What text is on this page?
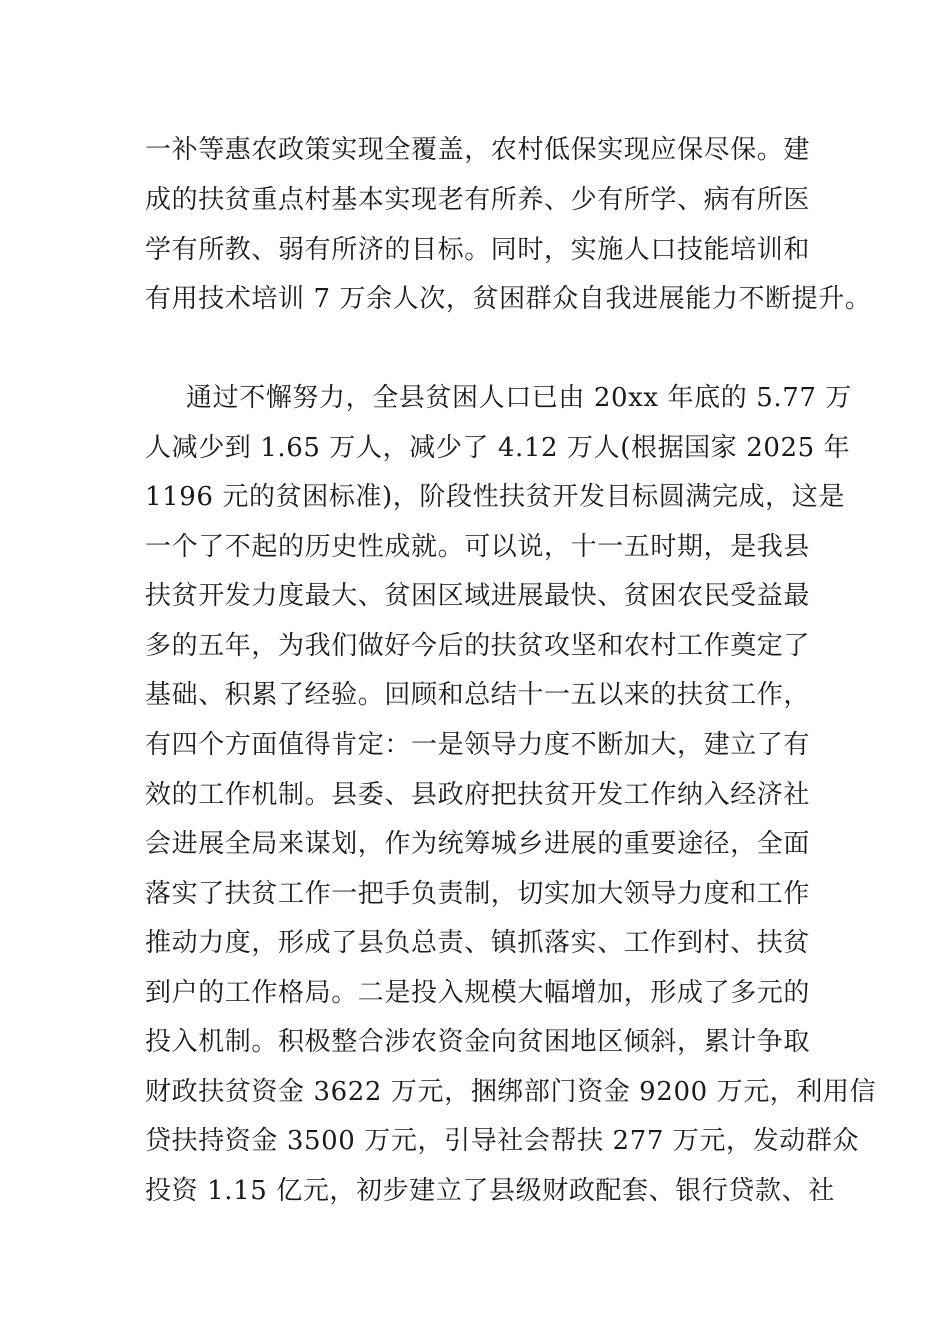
一补等惠农政策实现全覆盖，农村低保实现应保尽保。建
成的扶贫重点村基本实现老有所养、少有所学、病有所医
学有所教、弱有所济的目标。同时，实施人口技能培训和
有用技术培训 7 万余人次，贫困群众自我进展能力不断提升。
通过不懈努力，全县贫困人口已由 20xx 年底的 5.77 万
人减少到 1.65 万人，减少了 4.12 万人(根据国家 2025 年
1196 元的贫困标准)，阶段性扶贫开发目标圆满完成，这是
一个了不起的历史性成就。可以说，十一五时期，是我县
扶贫开发力度最大、贫困区域进展最快、贫困农民受益最
多的五年，为我们做好今后的扶贫攻坚和农村工作奠定了
基础、积累了经验。回顾和总结十一五以来的扶贫工作，
有四个方面值得肯定：一是领导力度不断加大，建立了有
效的工作机制。县委、县政府把扶贫开发工作纳入经济社
会进展全局来谋划，作为统筹城乡进展的重要途径，全面
落实了扶贫工作一把手负责制，切实加大领导力度和工作
推动力度，形成了县负总责、镇抓落实、工作到村、扶贫
到户的工作格局。二是投入规模大幅增加，形成了多元的
投入机制。积极整合涉农资金向贫困地区倾斜，累计争取
财政扶贫资金 3622 万元，捆绑部门资金 9200 万元，利用信
贷扶持资金 3500 万元，引导社会帮扶 277 万元，发动群众
投资 1.15 亿元，初步建立了县级财政配套、银行贷款、社
